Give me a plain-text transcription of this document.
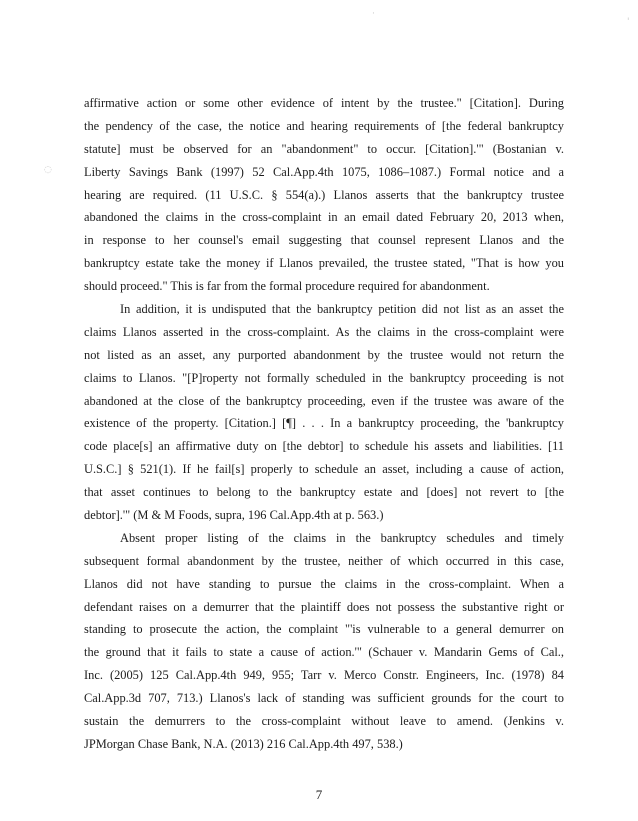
◌
'
·
affirmative action or some other evidence of intent by the trustee." [Citation]. During
the pendency of the case, the notice and hearing requirements of [the federal bankruptcy
statute] must be observed for an "abandonment" to occur. [Citation].'" (Bostanian v.
Liberty Savings Bank (1997) 52 Cal.App.4th 1075, 1086–1087.) Formal notice and a
hearing are required. (11 U.S.C. § 554(a).) Llanos asserts that the bankruptcy trustee
abandoned the claims in the cross-complaint in an email dated February 20, 2013 when,
in response to her counsel's email suggesting that counsel represent Llanos and the
bankruptcy estate take the money if Llanos prevailed, the trustee stated, "That is how you
should proceed." This is far from the formal procedure required for abandonment.
In addition, it is undisputed that the bankruptcy petition did not list as an asset the
claims Llanos asserted in the cross-complaint. As the claims in the cross-complaint were
not listed as an asset, any purported abandonment by the trustee would not return the
claims to Llanos. "[P]roperty not formally scheduled in the bankruptcy proceeding is not
abandoned at the close of the bankruptcy proceeding, even if the trustee was aware of the
existence of the property. [Citation.] [¶] . . . In a bankruptcy proceeding, the 'bankruptcy
code place[s] an affirmative duty on [the debtor] to schedule his assets and liabilities. [11
U.S.C.] § 521(1). If he fail[s] properly to schedule an asset, including a cause of action,
that asset continues to belong to the bankruptcy estate and [does] not revert to [the
debtor].'" (M & M Foods, supra, 196 Cal.App.4th at p. 563.)
Absent proper listing of the claims in the bankruptcy schedules and timely
subsequent formal abandonment by the trustee, neither of which occurred in this case,
Llanos did not have standing to pursue the claims in the cross-complaint. When a
defendant raises on a demurrer that the plaintiff does not possess the substantive right or
standing to prosecute the action, the complaint "'is vulnerable to a general demurrer on
the ground that it fails to state a cause of action.'" (Schauer v. Mandarin Gems of Cal.,
Inc. (2005) 125 Cal.App.4th 949, 955; Tarr v. Merco Constr. Engineers, Inc. (1978) 84
Cal.App.3d 707, 713.) Llanos's lack of standing was sufficient grounds for the court to
sustain the demurrers to the cross-complaint without leave to amend. (Jenkins v.
JPMorgan Chase Bank, N.A. (2013) 216 Cal.App.4th 497, 538.)
7
